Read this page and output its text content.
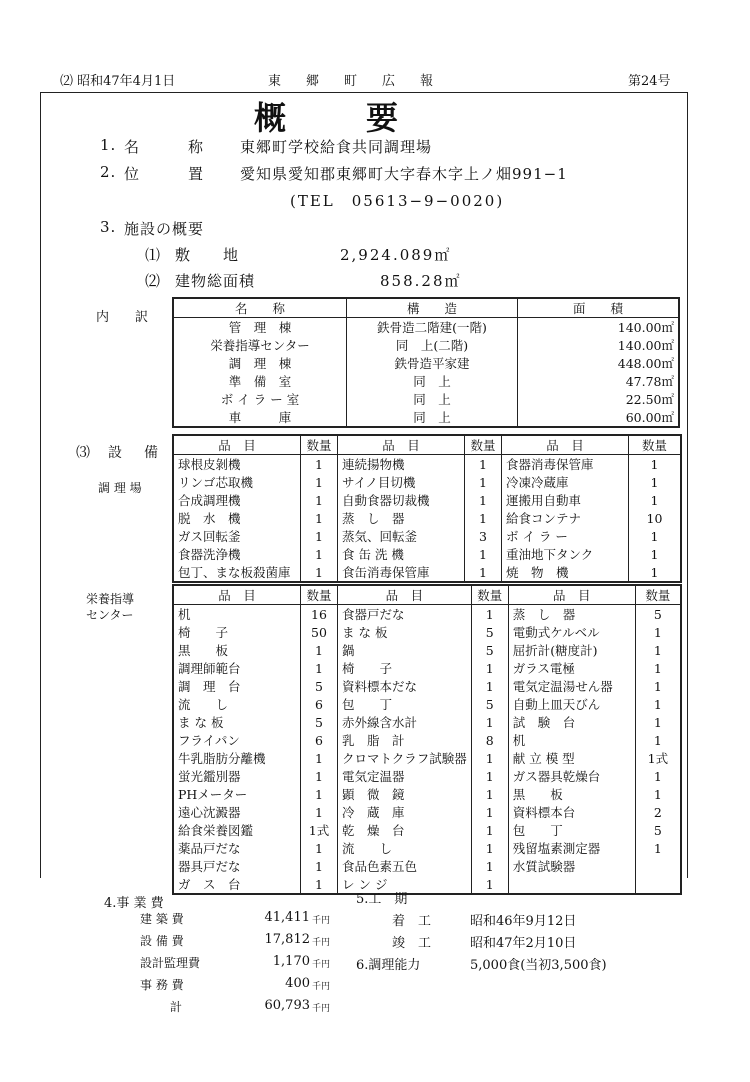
⑵ 昭和47年4月1日	東　郷　町　広　報	第24号
概要
1. 名　　　称 東郷町学校給食共同調理場
2. 位　　　置 愛知県愛知郡東郷町大字春木字上ノ畑991−1
(TEL　05613−9−0020)
3. 施設の概要
⑴ 敷　　地	2,924.089㎡
⑵ 建物総面積	858.28㎡
内　　訳
名　　称	構　　造	面　　積
管　理　棟	鉄骨造二階建(一階)	140.00㎡
栄養指導センター	同　上(二階)	140.00㎡
調　理　棟	鉄骨造平家建	448.00㎡
準　備　室	同　上	47.78㎡
ボ イ ラ ー 室	同　上	22.50㎡
車　　　庫	同　上	60.00㎡
⑶ 設　備
調 理 場
品　目	数量	品　目	数量	品　目	数量
球根皮剝機	1	連続揚物機	1	食器消毒保管庫	1
リンゴ芯取機	1	サイノ目切機	1	冷凍冷蔵庫	1
合成調理機	1	自動食器切裁機	1	運搬用自動車	1
脱　水　機	1	蒸　し　器	1	給食コンテナ	10
ガス回転釜	1	蒸気、回転釜	3	ボ イ ラ ー	1
食器洗浄機	1	食 缶 洗 機	1	重油地下タンク	1
包丁、まな板殺菌庫	1	食缶消毒保管庫	1	焼　物　機	1
栄養指導
センター
品　目	数量	品　目	数量	品　目	数量
机	16	食器戸だな	1	蒸　し　器	5
椅　　子	50	ま な 板	5	電動式ケルベル	1
黒　　板	1	鍋	5	屈折計(糖度計)	1
調理師範台	1	椅　　子	1	ガラス電極	1
調　理　台	5	資料標本だな	1	電気定温湯せん器	1
流　　し	6	包　　丁	5	自動上皿天びん	1
ま な 板	5	赤外線含水計	1	試　験　台	1
フライパン	6	乳　脂　計	8	机	1
牛乳脂肪分離機	1	クロマトクラフ試験器	1	献 立 模 型	1式
蛍光鑑別器	1	電気定温器	1	ガス器具乾燥台	1
PHメーター	1	顕　微　鏡	1	黒　　板	1
遠心沈澱器	1	冷　蔵　庫	1	資料標本台	2
給食栄養図鑑	1式	乾　燥　台	1	包　　丁	5
薬品戸だな	1	流　　し	1	残留塩素測定器	1
器具戸だな	1	食品色素五色	1	水質試験器	
ガ　ス　台	1	レ ン ジ	1		
4.事 業 費
建 築 費	41,411 千円
設 備 費	17,812 千円
設計監理費	1,170 千円
事 務 費	400 千円
計	60,793 千円
5.工　期
着　工	昭和46年9月12日
竣　工	昭和47年2月10日
6.調理能力	5,000食(当初3,500食)
